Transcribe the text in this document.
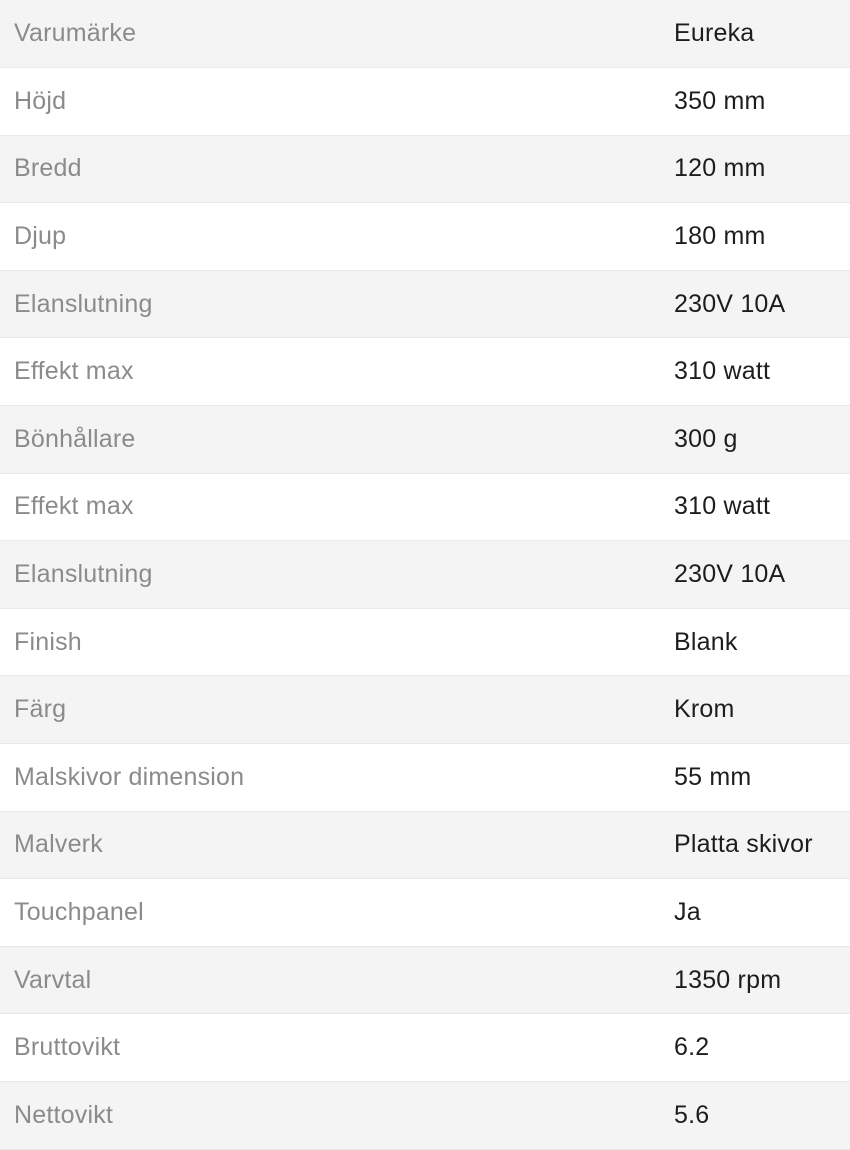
Varumärke	Eureka
Höjd	350 mm
Bredd	120 mm
Djup	180 mm
Elanslutning	230V 10A
Effekt max	310 watt
Bönhållare	300 g
Effekt max	310 watt
Elanslutning	230V 10A
Finish	Blank
Färg	Krom
Malskivor dimension	55 mm
Malverk	Platta skivor
Touchpanel	Ja
Varvtal	1350 rpm
Bruttovikt	6.2
Nettovikt	5.6
